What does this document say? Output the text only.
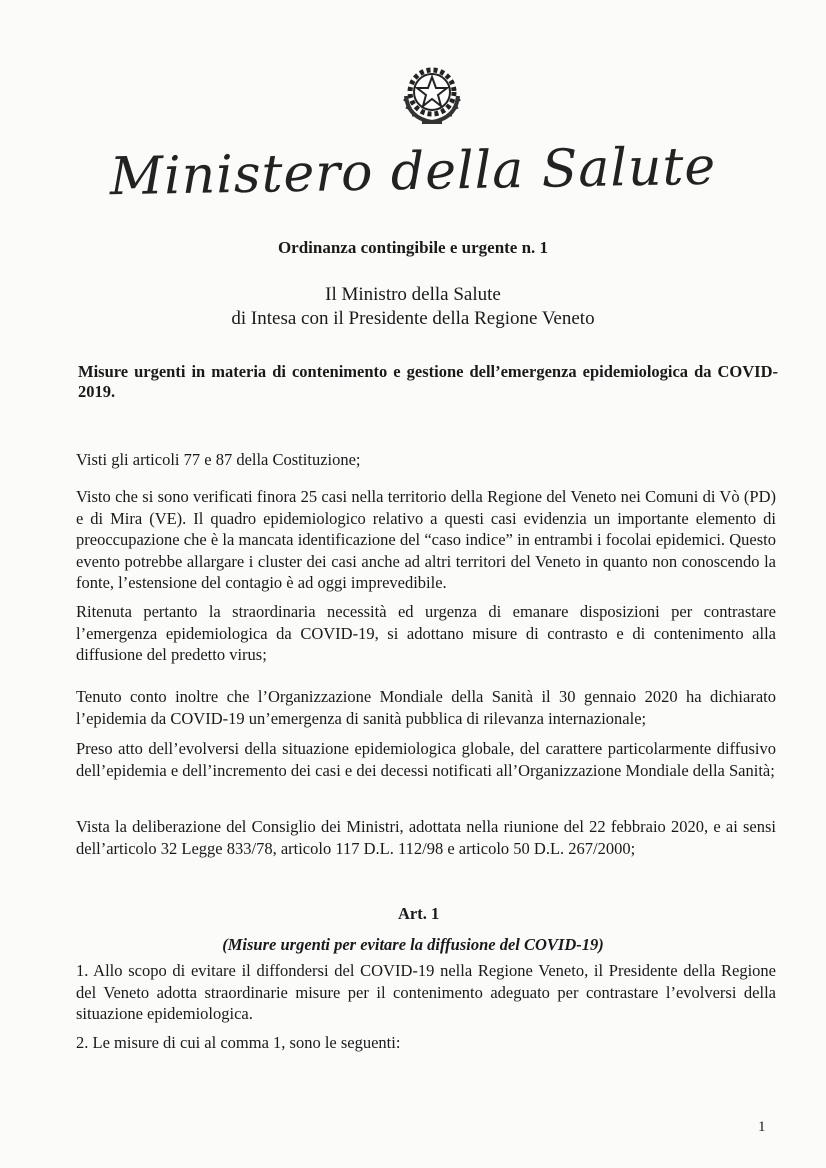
Ministero della Salute
Ordinanza contingibile e urgente n. 1
Il Ministro della Salute
di Intesa con il Presidente della Regione Veneto
Misure urgenti in materia di contenimento e gestione dell’emergenza epidemiologica da COVID-2019.

Visti gli articoli 77 e 87 della Costituzione;

Visto che si sono verificati finora 25 casi nella territorio della Regione del Veneto nei Comuni di Vò (PD) e di Mira (VE). Il quadro epidemiologico relativo a questi casi evidenzia un importante elemento di preoccupazione che è la mancata identificazione del “caso indice” in entrambi i focolai epidemici. Questo evento potrebbe allargare i cluster dei casi anche ad altri territori del Veneto in quanto non conoscendo la fonte, l’estensione del contagio è ad oggi imprevedibile.

Ritenuta pertanto la straordinaria necessità ed urgenza di emanare disposizioni per contrastare l’emergenza epidemiologica da COVID-19, si adottano misure di contrasto e di contenimento alla diffusione del predetto virus;

Tenuto conto inoltre che l’Organizzazione Mondiale della Sanità il 30 gennaio 2020 ha dichiarato l’epidemia da COVID-19 un’emergenza di sanità pubblica di rilevanza internazionale;

Preso atto dell’evolversi della situazione epidemiologica globale, del carattere particolarmente diffusivo dell’epidemia e dell’incremento dei casi e dei decessi notificati all’Organizzazione Mondiale della Sanità;

Vista la deliberazione del Consiglio dei Ministri, adottata nella riunione del 22 febbraio 2020, e ai sensi dell’articolo 32 Legge 833/78, articolo 117 D.L. 112/98 e articolo 50 D.L. 267/2000;

Art. 1
(Misure urgenti per evitare la diffusione del COVID-19)

1. Allo scopo di evitare il diffondersi del COVID-19 nella Regione Veneto, il Presidente della Regione del Veneto adotta straordinarie misure per il contenimento adeguato per contrastare l’evolversi della situazione epidemiologica.

2. Le misure di cui al comma 1, sono le seguenti:

1
